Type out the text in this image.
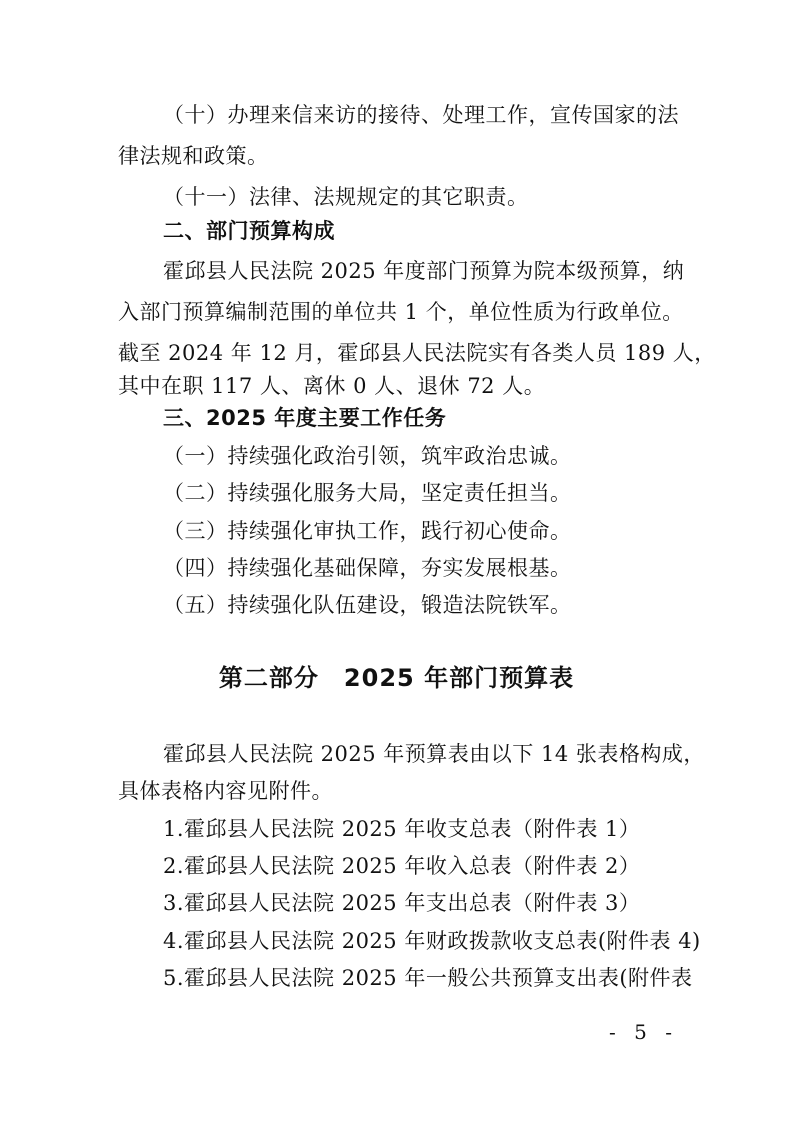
（十）办理来信来访的接待、处理工作，宣传国家的法
律法规和政策。
（十一）法律、法规规定的其它职责。
二、部门预算构成
霍邱县人民法院 2025 年度部门预算为院本级预算，纳
入部门预算编制范围的单位共 1 个，单位性质为行政单位。
截至 2024 年 12 月，霍邱县人民法院实有各类人员 189 人，
其中在职 117 人、离休 0 人、退休 72 人。
三、2025 年度主要工作任务
（一）持续强化政治引领，筑牢政治忠诚。
（二）持续强化服务大局，坚定责任担当。
（三）持续强化审执工作，践行初心使命。
（四）持续强化基础保障，夯实发展根基。
（五）持续强化队伍建设，锻造法院铁军。
第二部分　2025 年部门预算表
霍邱县人民法院 2025 年预算表由以下 14 张表格构成，
具体表格内容见附件。
1.霍邱县人民法院 2025 年收支总表（附件表 1）
2.霍邱县人民法院 2025 年收入总表（附件表 2）
3.霍邱县人民法院 2025 年支出总表（附件表 3）
4.霍邱县人民法院 2025 年财政拨款收支总表(附件表 4)
5.霍邱县人民法院 2025 年一般公共预算支出表(附件表
- 5 -
